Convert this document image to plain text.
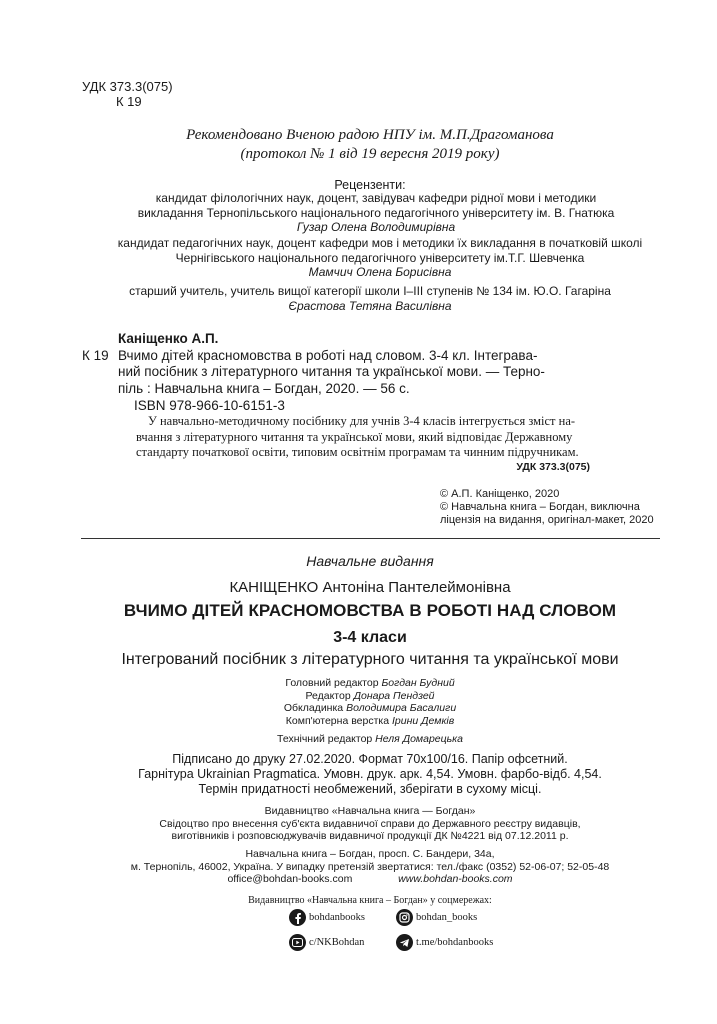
УДК 373.3(075)
К 19
Рекомендовано Вченою радою НПУ ім. М.П.Драгоманова
(протокол № 1 від 19 вересня 2019 року)
Рецензенти:
кандидат філологічних наук, доцент, завідувач кафедри рідної мови і методики
викладання Тернопільського національного педагогічного університету ім. В. Гнатюка
Гузар Олена Володимирівна
кандидат педагогічних наук, доцент кафедри мов і методики їх викладання в початковій школі
Чернігівського національного педагогічного університету ім.Т.Г. Шевченка
Мамчич Олена Борисівна
старший учитель, учитель вищої категорії школи І–ІІІ ступенів № 134 ім. Ю.О. Гагаріна
Єрастова Тетяна Василівна
Каніщенко А.П.
К 19 Вчимо дітей красномовства в роботі над словом. 3-4 кл. Інтеграва-
ний посібник з літературного читання та української мови. — Терно-
піль : Навчальна книга – Богдан, 2020. — 56 с.
ISBN 978-966-10-6151-3
У навчально-методичному посібнику для учнів 3-4 класів інтегрується зміст на-
вчання з літературного читання та української мови, який відповідає Державному
стандарту початкової освіти, типовим освітнім програмам та чинним підручникам.
УДК 373.3(075)
© А.П. Каніщенко, 2020
© Навчальна книга – Богдан, виключна
ліцензія на видання, оригінал-макет, 2020
Навчальне видання
КАНІЩЕНКО Антоніна Пантелеймонівна
ВЧИМО ДІТЕЙ КРАСНОМОВСТВА В РОБОТІ НАД СЛОВОМ
3-4 класи
Інтегрований посібник з літературного читання та української мови
Головний редактор Богдан Будний
Редактор Донара Пендзей
Обкладинка Володимира Басалиги
Комп'ютерна верстка Ірини Демків
Технічний редактор Неля Домарецька
Підписано до друку 27.02.2020. Формат 70х100/16. Папір офсетний.
Гарнітура Ukrainian Pragmatica. Умовн. друк. арк. 4,54. Умовн. фарбо-відб. 4,54.
Термін придатності необмежений, зберігати в сухому місці.
Видавництво «Навчальна книга — Богдан»
Свідоцтво про внесення суб'єкта видавничої справи до Державного реєстру видавців,
виготівників і розповсюджувачів видавничої продукції ДК №4221 від 07.12.2011 р.
Навчальна книга – Богдан, просп. С. Бандери, 34а,
м. Тернопіль, 46002, Україна. У випадку претензій звертатися: тел./факс (0352) 52-06-07; 52-05-48
office@bohdan-books.com	www.bohdan-books.com
Видавництво «Навчальна книга – Богдан» у соцмережах:
bohdanbooks	bohdan_books
c/NKBohdan	t.me/bohdanbooks
